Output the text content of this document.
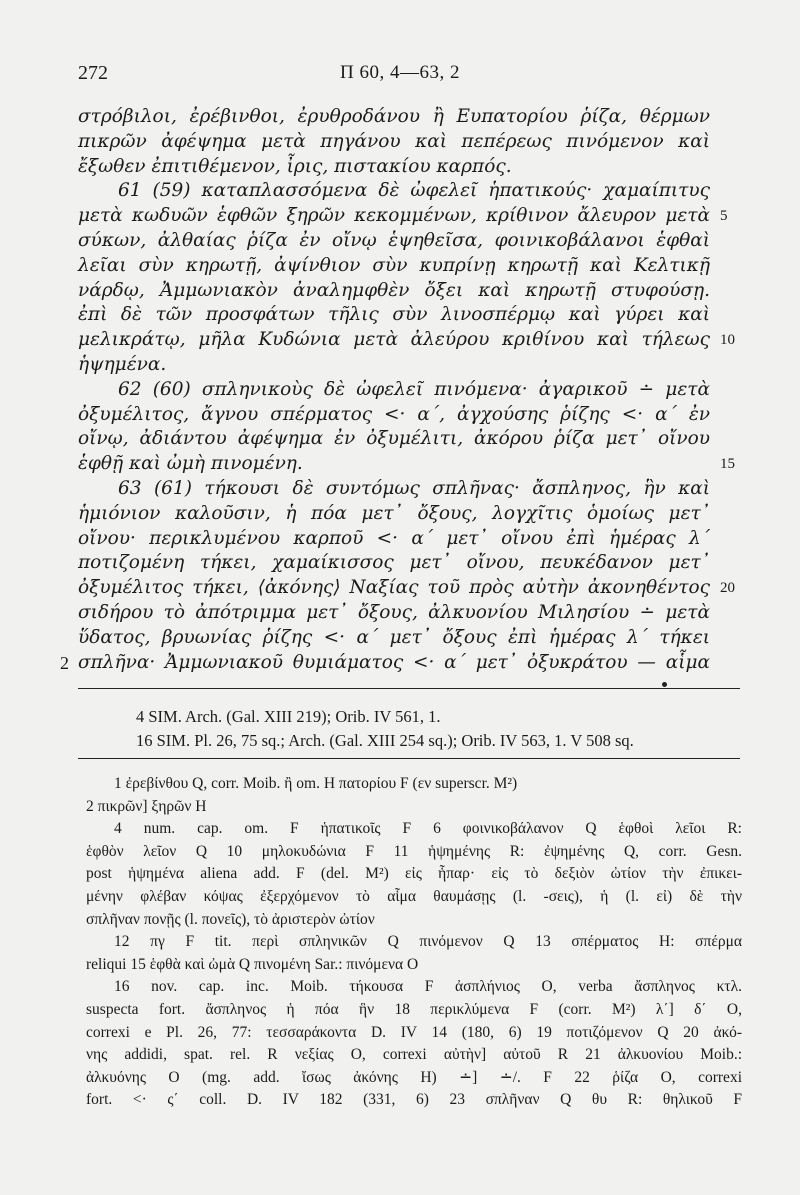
272	Π 60, 4—63, 2
στρόβιλοι, ἐρέβινθοι, ἐρυθροδάνου ἢ Ευπατορίου ῥίζα, θέρμων
πικρῶν ἀφέψημα μετὰ πηγάνου καὶ πεπέρεως πινόμενον καὶ
ἔξωθεν ἐπιτιθέμενον, ἶρις, πιστακίου καρπός.
61 (59) καταπλασσόμενα δὲ ὠφελεῖ ἡπατικούς· χαμαίπιτυς
μετὰ κωδυῶν ἑφθῶν ξηρῶν κεκομμένων, κρίθινον ἄλευρον μετὰ 5
σύκων, ἀλθαίας ῥίζα ἐν οἴνῳ ἑψηθεῖσα, φοινικοβάλανοι ἑφθαὶ
λεῖαι σὺν κηρωτῇ, ἀψίνθιον σὺν κυπρίνῃ κηρωτῇ καὶ Κελτικῇ
νάρδῳ, Ἀμμωνιακὸν ἀναλημφθὲν ὄξει καὶ κηρωτῇ στυφούσῃ.
ἐπὶ δὲ τῶν προσφάτων τῆλις σὺν λινοσπέρμῳ καὶ γύρει καὶ
μελικράτῳ, μῆλα Κυδώνια μετὰ ἀλεύρου κριθίνου καὶ τήλεως 10
ἡψημένα.
62 (60) σπληνικοὺς δὲ ὠφελεῖ πινόμενα· ἀγαρικοῦ ∸ μετὰ
ὀξυμέλιτος, ἄγνου σπέρματος <· α΄, ἀγχούσης ῥίζης <· α΄ ἐν
οἴνῳ, ἀδιάντου ἀφέψημα ἐν ὀξυμέλιτι, ἀκόρου ῥίζα μετ᾽ οἴνου
ἑφθῇ καὶ ὠμὴ πινομένη.	15
63 (61) τήκουσι δὲ συντόμως σπλῆνας· ἄσπληνος, ἣν καὶ
ἡμιόνιον καλοῦσιν, ἡ πόα μετ᾽ ὄξους, λογχῖτις ὁμοίως μετ᾽
οἴνου· περικλυμένου καρποῦ <· α΄ μετ᾽ οἴνου ἐπὶ ἡμέρας λ΄
ποτιζομένη τήκει, χαμαίκισσος μετ᾽ οἴνου, πευκέδανον μετ᾽
ὀξυμέλιτος τήκει, ⟨ἀκόνης⟩ Ναξίας τοῦ πρὸς αὐτὴν ἀκονηθέντος 20
σιδήρου τὸ ἀπότριμμα μετ᾽ ὄξους, ἀλκυονίου Μιλησίου ∸ μετὰ
ὕδατος, βρυωνίας ῥίζης <· α΄ μετ᾽ ὄξους ἐπὶ ἡμέρας λ΄ τήκει
σπλῆνα· Ἀμμωνιακοῦ θυμιάματος <· α΄ μετ᾽ ὀξυκράτου — αἷμα
2
4 SIM. Arch. (Gal. XIII 219); Orib. IV 561, 1.
16 SIM. Pl. 26, 75 sq.; Arch. (Gal. XIII 254 sq.); Orib. IV 563, 1. V 508 sq.
1 ἐρεβίνθου Q, corr. Moib. ἢ om. H πατορίου F (εν superscr. M²)
2 πικρῶν] ξηρῶν H
4 num. cap. om. F ἡπατικοῖς F 6 φοινικοβάλανον Q ἑφθοὶ λεῖοι R:
ἑφθὸν λεῖον Q 10 μηλοκυδώνια F 11 ἡψημένης R: ἐψημένης Q, corr. Gesn.
post ἡψημένα aliena add. F (del. M²) εἰς ἧπαρ· εἰς τὸ δεξιὸν ὠτίον τὴν ἐπικει-
μένην φλέβαν κόψας ἐξερχόμενον τὸ αἷμα θαυμάσῃς (l. -σεις), ἡ (l. εἰ) δὲ τὴν
σπλῆναν πονῇς (l. πονεῖς), τὸ ἀριστερὸν ὠτίον
12 πγ F tit. περὶ σπληνικῶν Q πινόμενον Q 13 σπέρματος H: σπέρμα
reliqui 15 ἑφθὰ καὶ ὠμὰ Q πινομένη Sar.: πινόμενα O
16 nov. cap. inc. Moib. τήκουσα F ἀσπλήνιος O, verba ἄσπληνος κτλ.
suspecta fort. ἄσπληνος ἡ πόα ἣν 18 περικλύμενα F (corr. M²) λ΄] δ΄ O,
correxi e Pl. 26, 77: τεσσαράκοντα D. IV 14 (180, 6) 19 ποτιζόμενον Q 20 ἀκό-
νης addidi, spat. rel. R νεξίας O, correxi αὐτὴν] αὐτοῦ R 21 ἀλκυονίου Moib.:
ἀλκυόνης O (mg. add. ἴσως ἀκόνης H) ∸] ∸/. F 22 ῥίζα O, correxi
fort. <· ς΄ coll. D. IV 182 (331, 6) 23 σπλῆναν Q θυ R: θηλικοῦ F
